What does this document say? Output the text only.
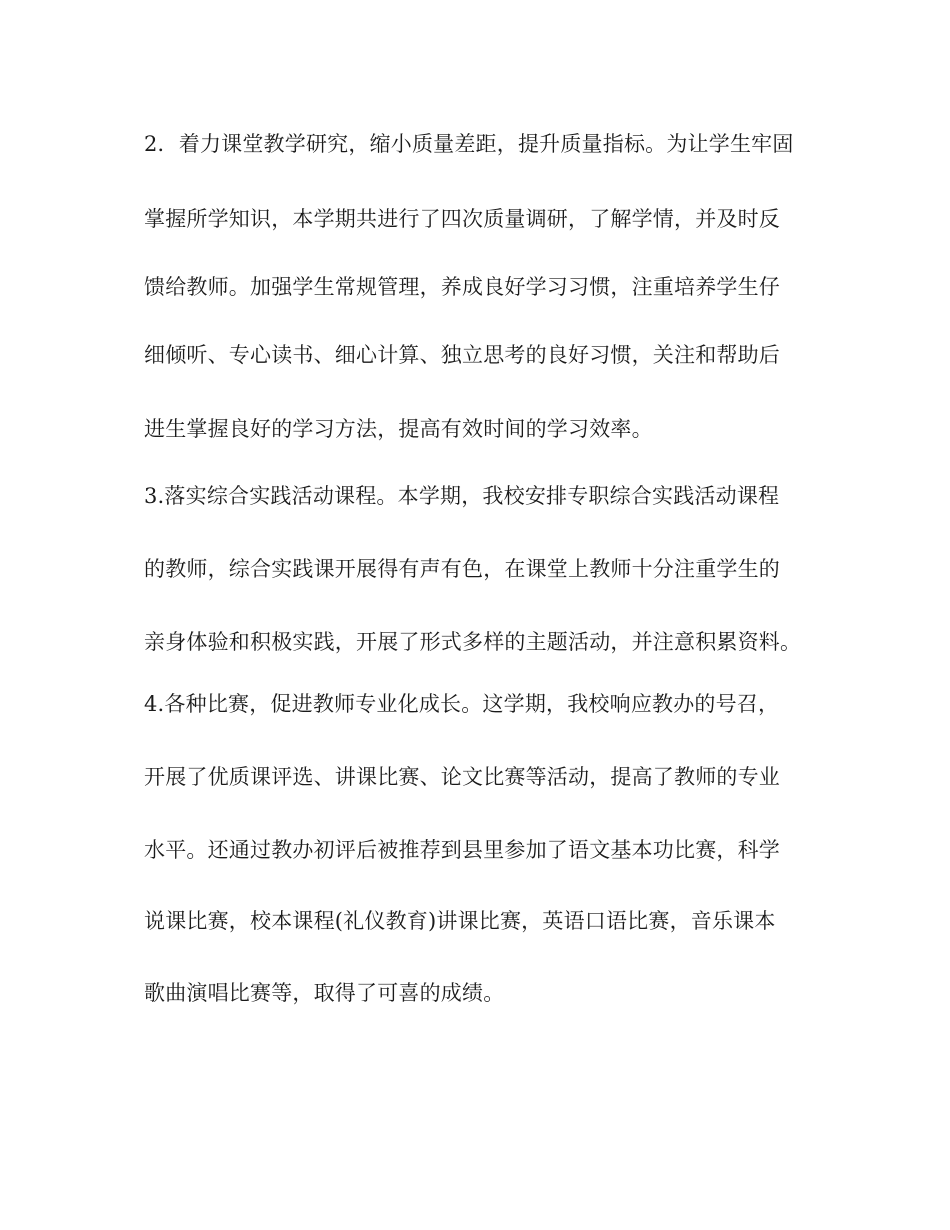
2．着力课堂教学研究，缩小质量差距，提升质量指标。为让学生牢固
掌握所学知识，本学期共进行了四次质量调研，了解学情，并及时反
馈给教师。加强学生常规管理，养成良好学习习惯，注重培养学生仔
细倾听、专心读书、细心计算、独立思考的良好习惯，关注和帮助后
进生掌握良好的学习方法，提高有效时间的学习效率。
3.落实综合实践活动课程。本学期，我校安排专职综合实践活动课程
的教师，综合实践课开展得有声有色，在课堂上教师十分注重学生的
亲身体验和积极实践，开展了形式多样的主题活动，并注意积累资料。
4.各种比赛，促进教师专业化成长。这学期，我校响应教办的号召，
开展了优质课评选、讲课比赛、论文比赛等活动，提高了教师的专业
水平。还通过教办初评后被推荐到县里参加了语文基本功比赛，科学
说课比赛，校本课程(礼仪教育)讲课比赛，英语口语比赛，音乐课本
歌曲演唱比赛等，取得了可喜的成绩。
